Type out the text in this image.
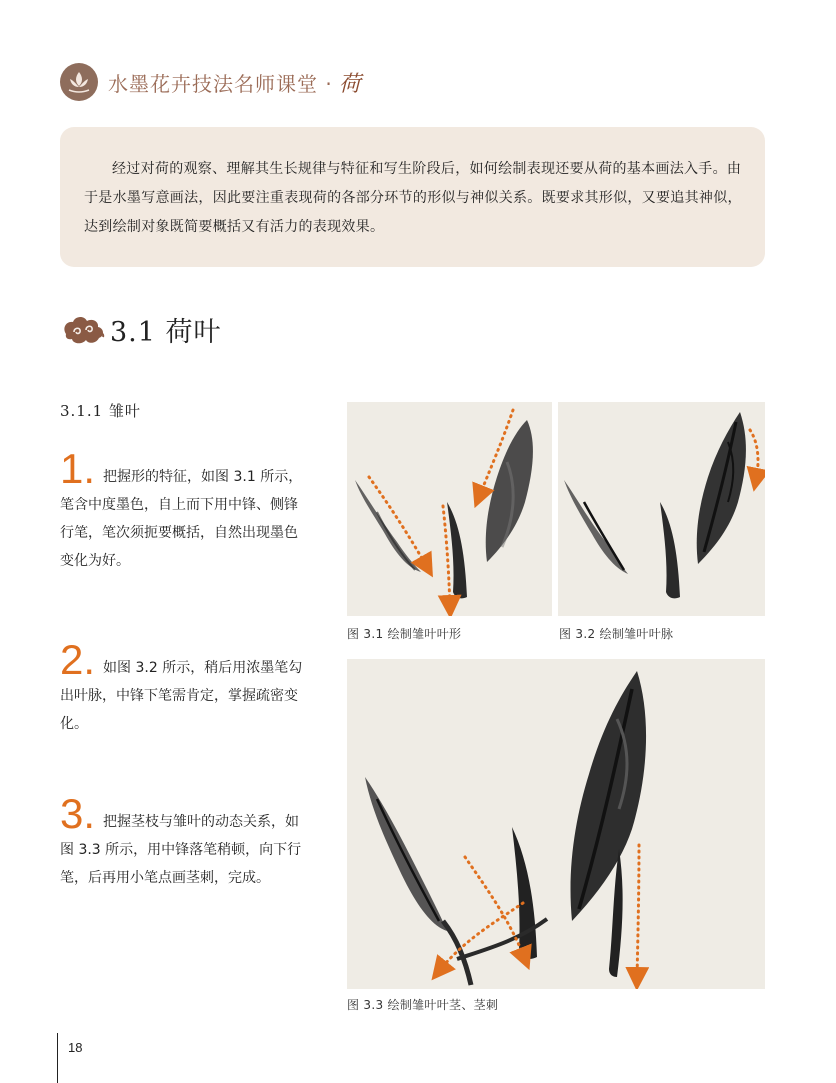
水墨花卉技法名师课堂 · 荷

经过对荷的观察、理解其生长规律与特征和写生阶段后，如何绘制表现还要从荷的基本画法入手。由于是水墨写意画法，因此要注重表现荷的各部分环节的形似与神似关系。既要求其形似，又要追其神似，达到绘制对象既简要概括又有活力的表现效果。

3.1 荷叶
3.1.1 雏叶
1. 把握形的特征，如图 3.1 所示，笔含中度墨色，自上而下用中锋、侧锋行笔，笔次须扼要概括，自然出现墨色变化为好。
2. 如图 3.2 所示，稍后用浓墨笔勾出叶脉，中锋下笔需肯定，掌握疏密变化。
3. 把握茎枝与雏叶的动态关系，如图 3.3 所示，用中锋落笔稍顿，向下行笔，后再用小笔点画茎刺，完成。
图 3.1 绘制雏叶叶形	图 3.2 绘制雏叶叶脉
图 3.3 绘制雏叶叶茎、茎刺
18
